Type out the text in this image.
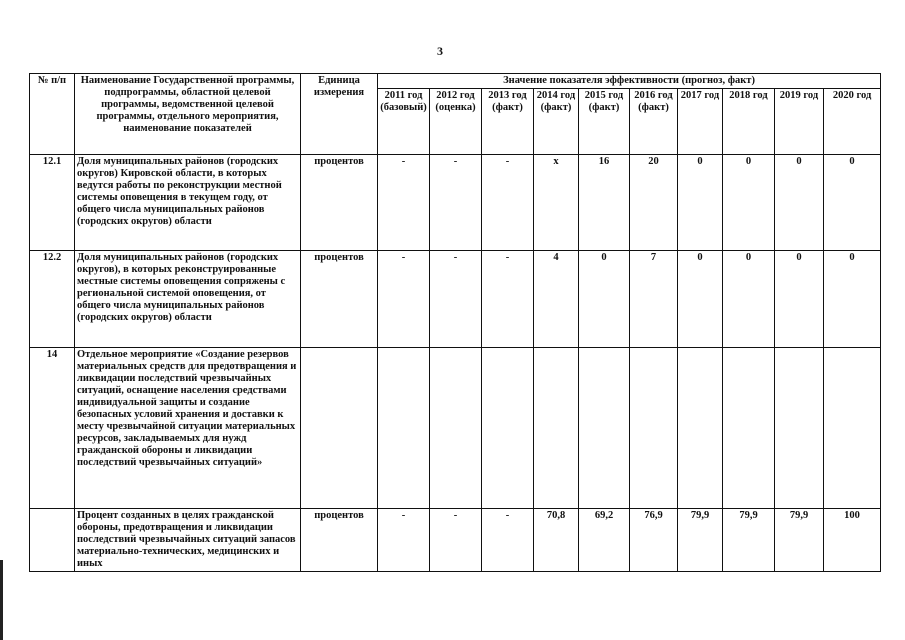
3
№ п/п	Наименование Государственной программы, подпрограммы, областной целевой программы, ведомственной целевой программы, отдельного мероприятия, наименование показателей	Единица измерения	Значение показателя эффективности (прогноз, факт)									
			2011 год (базовый)	2012 год (оценка)	2013 год (факт)	2014 год (факт)	2015 год (факт)	2016 год (факт)	2017 год	2018 год	2019 год	2020 год
12.1	Доля муниципальных районов (городских округов) Кировской области, в которых ведутся работы по реконструкции местной системы оповещения в текущем году, от общего числа муниципальных районов (городских округов) области	процентов	-	-	-	х	16	20	0	0	0	0
12.2	Доля муниципальных районов (городских округов), в которых реконструированные местные системы оповещения сопряжены с региональной системой оповещения, от общего числа муниципальных районов (городских округов) области	процентов	-	-	-	4	0	7	0	0	0	0
14	Отдельное мероприятие «Создание резервов материальных средств для предотвращения и ликвидации последствий чрезвычайных ситуаций, оснащение населения средствами индивидуальной защиты и создание безопасных условий хранения и доставки к месту чрезвычайной ситуации материальных ресурсов, закладываемых для нужд гражданской обороны и ликвидации последствий чрезвычайных ситуаций»											
	Процент созданных в целях гражданской обороны, предотвращения и ликвидации последствий чрезвычайных ситуаций запасов материально-технических, медицинских и иных	процентов	-	-	-	70,8	69,2	76,9	79,9	79,9	79,9	100
